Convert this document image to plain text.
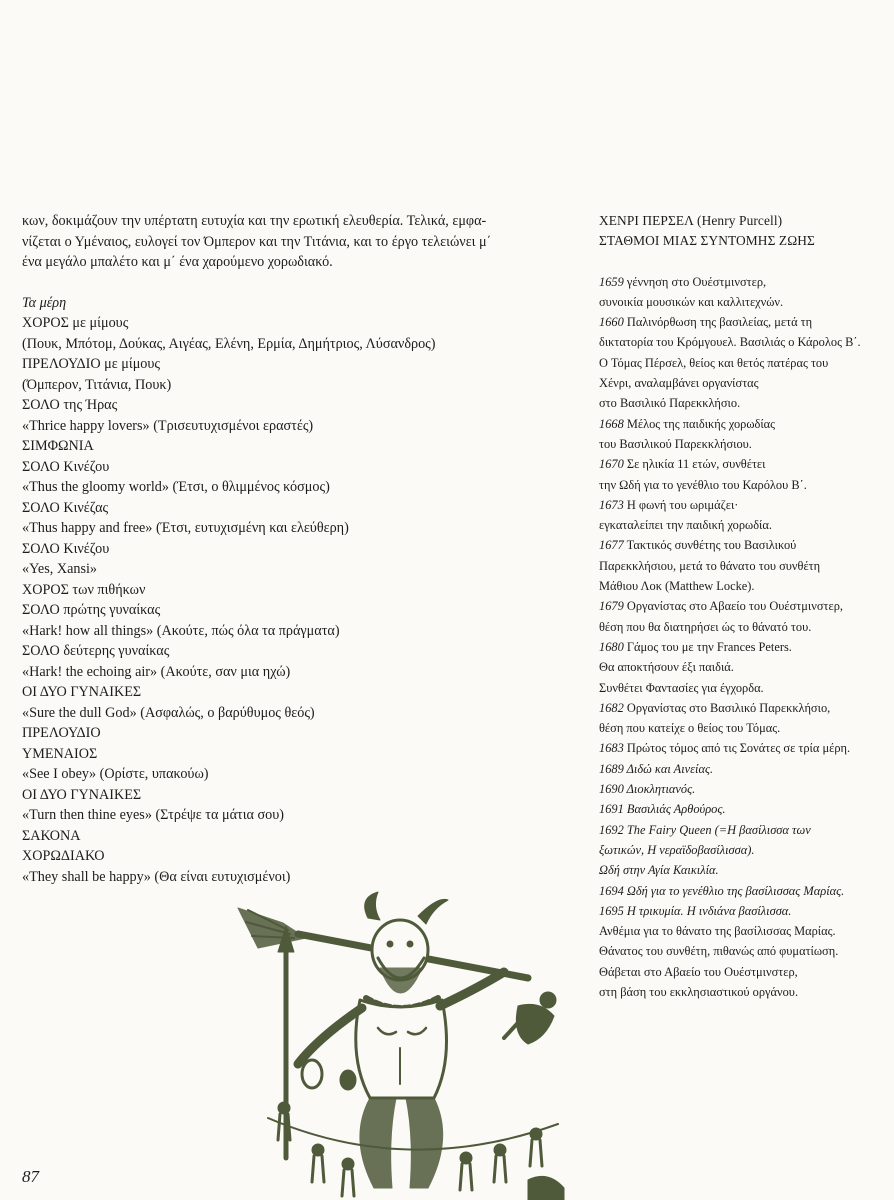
κων, δοκιμάζουν την υπέρτατη ευτυχία και την ερωτική ελευθερία. Τελικά, εμφα-

νίζεται ο Υμέναιος, ευλογεί τον Όμπερον και την Τιτάνια, και το έργο τελειώνει μ΄

ένα μεγάλο μπαλέτο και μ΄ ένα χαρούμενο χορωδιακό.

Τα μέρη
ΧΟΡΟΣ με μίμους
(Πουκ, Μπότομ, Δούκας, Αιγέας, Ελένη, Ερμία, Δημήτριος, Λύσανδρος)
ΠΡΕΛΟΥΔΙΟ με μίμους
(Όμπερον, Τιτάνια, Πουκ)
ΣΟΛΟ της Ήρας
«Thrice happy lovers» (Τρισευτυχισμένοι εραστές)
ΣΙΜΦΩΝΙΑ
ΣΟΛΟ Κινέζου
«Thus the gloomy world» (Έτσι, ο θλιμμένος κόσμος)
ΣΟΛΟ Κινέζας
«Thus happy and free» (Έτσι, ευτυχισμένη και ελεύθερη)
ΣΟΛΟ Κινέζου
«Yes, Xansi»
ΧΟΡΟΣ των πιθήκων
ΣΟΛΟ πρώτης γυναίκας
«Hark! how all things» (Ακούτε, πώς όλα τα πράγματα)
ΣΟΛΟ δεύτερης γυναίκας
«Hark! the echoing air» (Ακούτε, σαν μια ηχώ)
ΟΙ ΔΥΟ ΓΥΝΑΙΚΕΣ
«Sure the dull God» (Ασφαλώς, ο βαρύθυμος θεός)
ΠΡΕΛΟΥΔΙΟ
ΥΜΕΝΑΙΟΣ
«See I obey» (Ορίστε, υπακούω)
ΟΙ ΔΥΟ ΓΥΝΑΙΚΕΣ
«Turn then thine eyes» (Στρέψε τα μάτια σου)
ΣΑΚΟΝΑ
ΧΟΡΩΔΙΑΚΟ
«They shall be happy» (Θα είναι ευτυχισμένοι)
ΧΕΝΡΙ ΠΕΡΣΕΛ (Henry Purcell)
ΣΤΑΘΜΟΙ ΜΙΑΣ ΣΥΝΤΟΜΗΣ ΖΩΗΣ
1659 γέννηση στο Ουέστμινστερ,
συνοικία μουσικών και καλλιτεχνών.
1660 Παλινόρθωση της βασιλείας, μετά τη
δικτατορία του Κρόμγουελ. Βασιλιάς ο Κάρολος Β΄.
Ο Τόμας Πέρσελ, θείος και θετός πατέρας του
Χένρι, αναλαμβάνει οργανίστας
στο Βασιλικό Παρεκκλήσιο.
1668 Μέλος της παιδικής χορωδίας
του Βασιλικού Παρεκκλήσιου.
1670 Σε ηλικία 11 ετών, συνθέτει
την Ωδή για το γενέθλιο του Καρόλου Β΄.
1673 Η φωνή του ωριμάζει·
εγκαταλείπει την παιδική χορωδία.
1677 Τακτικός συνθέτης του Βασιλικού
Παρεκκλήσιου, μετά το θάνατο του συνθέτη
Μάθιου Λοκ (Matthew Locke).
1679 Οργανίστας στο Αβαείο του Ουέστμινστερ,
θέση που θα διατηρήσει ώς το θάνατό του.
1680 Γάμος του με την Frances Peters.
Θα αποκτήσουν έξι παιδιά.
Συνθέτει Φαντασίες για έγχορδα.
1682 Οργανίστας στο Βασιλικό Παρεκκλήσιο,
θέση που κατείχε ο θείος του Τόμας.
1683 Πρώτος τόμος από τις Σονάτες σε τρία μέρη.
1689 Διδώ και Αινείας.
1690 Διοκλητιανός.
1691 Βασιλιάς Αρθούρος.
1692 The Fairy Queen (=Η βασίλισσα των
ξωτικών, Η νεραϊδοβασίλισσα).
Ωδή στην Αγία Καικιλία.
1694 Ωδή για το γενέθλιο της βασίλισσας Μαρίας.
1695 Η τρικυμία. Η ινδιάνα βασίλισσα.
Ανθέμια για το θάνατο της βασίλισσας Μαρίας.
Θάνατος του συνθέτη, πιθανώς από φυματίωση.
Θάβεται στο Αβαείο του Ουέστμινστερ,
στη βάση του εκκλησιαστικού οργάνου.
87
